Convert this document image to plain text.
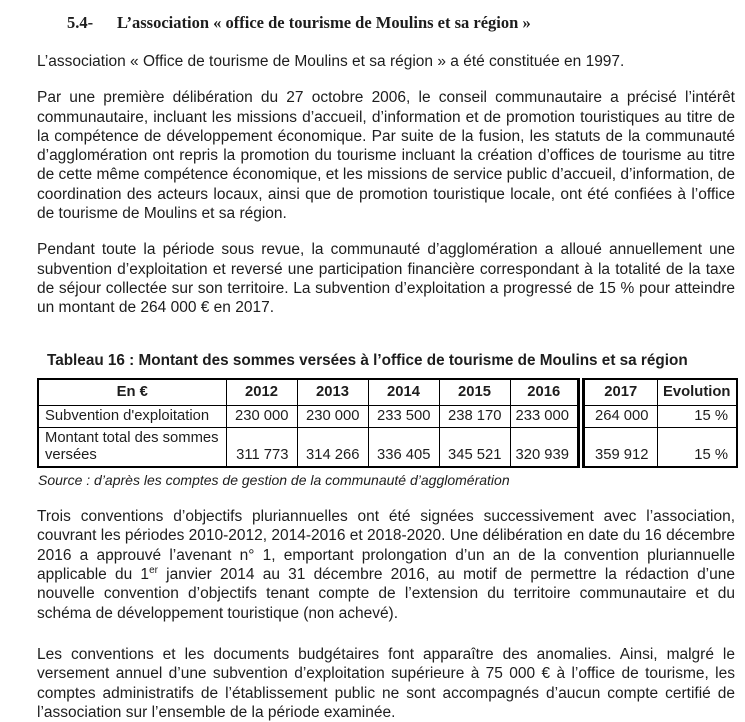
5.4- L’association « office de tourisme de Moulins et sa région »

L’association « Office de tourisme de Moulins et sa région » a été constituée en 1997.

Par une première délibération du 27 octobre 2006, le conseil communautaire a précisé l’intérêt communautaire, incluant les missions d’accueil, d’information et de promotion touristiques au titre de la compétence de développement économique. Par suite de la fusion, les statuts de la communauté d’agglomération ont repris la promotion du tourisme incluant la création d’offices de tourisme au titre de cette même compétence économique, et les missions de service public d’accueil, d’information, de coordination des acteurs locaux, ainsi que de promotion touristique locale, ont été confiées à l’office de tourisme de Moulins et sa région.

Pendant toute la période sous revue, la communauté d’agglomération a alloué annuellement une subvention d’exploitation et reversé une participation financière correspondant à la totalité de la taxe de séjour collectée sur son territoire. La subvention d’exploitation a progressé de 15 % pour atteindre un montant de 264 000 € en 2017.

Tableau 16 : Montant des sommes versées à l’office de tourisme de Moulins et sa région
En €	2012	2013	2014	2015	2016	2017	Evolution
Subvention d'exploitation	230 000	230 000	233 500	238 170	233 000	264 000	15 %
Montant total des sommes versées	311 773	314 266	336 405	345 521	320 939	359 912	15 %
Source : d’après les comptes de gestion de la communauté d’agglomération

Trois conventions d’objectifs pluriannuelles ont été signées successivement avec l’association, couvrant les périodes 2010-2012, 2014-2016 et 2018-2020. Une délibération en date du 16 décembre 2016 a approuvé l’avenant n° 1, emportant prolongation d’un an de la convention pluriannuelle applicable du 1er janvier 2014 au 31 décembre 2016, au motif de permettre la rédaction d’une nouvelle convention d’objectifs tenant compte de l’extension du territoire communautaire et du schéma de développement touristique (non achevé).

Les conventions et les documents budgétaires font apparaître des anomalies. Ainsi, malgré le versement annuel d’une subvention d’exploitation supérieure à 75 000 € à l’office de tourisme, les comptes administratifs de l’établissement public ne sont accompagnés d’aucun compte certifié de l’association sur l’ensemble de la période examinée.
